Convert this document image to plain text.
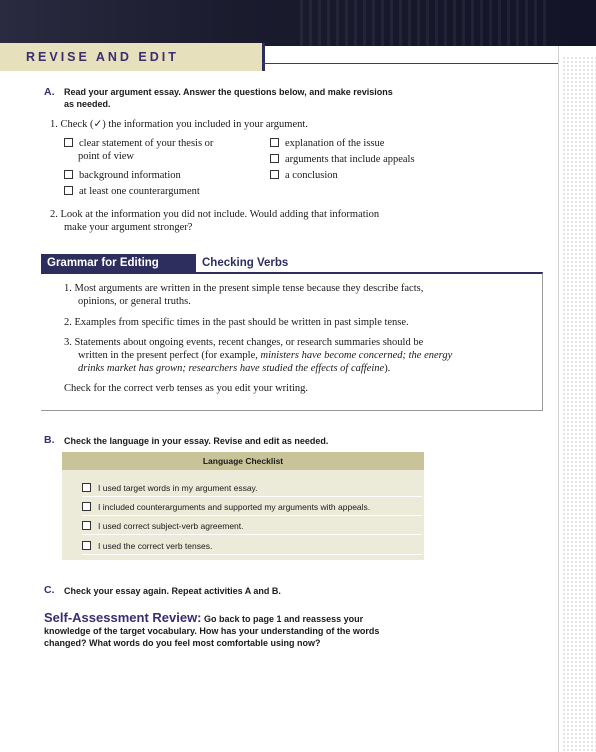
REVISE AND EDIT
A. Read your argument essay. Answer the questions below, and make revisions
as needed.
1. Check (✓) the information you included in your argument.
clear statement of your thesis or
point of view
background information
at least one counterargument
explanation of the issue
arguments that include appeals
a conclusion
2. Look at the information you did not include. Would adding that information
make your argument stronger?
Grammar for Editing	Checking Verbs
1. Most arguments are written in the present simple tense because they describe facts,
opinions, or general truths.
2. Examples from specific times in the past should be written in past simple tense.
3. Statements about ongoing events, recent changes, or research summaries should be
written in the present perfect (for example, ministers have become concerned; the energy
drinks market has grown; researchers have studied the effects of caffeine).
Check for the correct verb tenses as you edit your writing.
B. Check the language in your essay. Revise and edit as needed.
Language Checklist
I used target words in my argument essay.
I included counterarguments and supported my arguments with appeals.
I used correct subject-verb agreement.
I used the correct verb tenses.
C. Check your essay again. Repeat activities A and B.
Self-Assessment Review: Go back to page 1 and reassess your
knowledge of the target vocabulary. How has your understanding of the words
changed? What words do you feel most comfortable using now?
